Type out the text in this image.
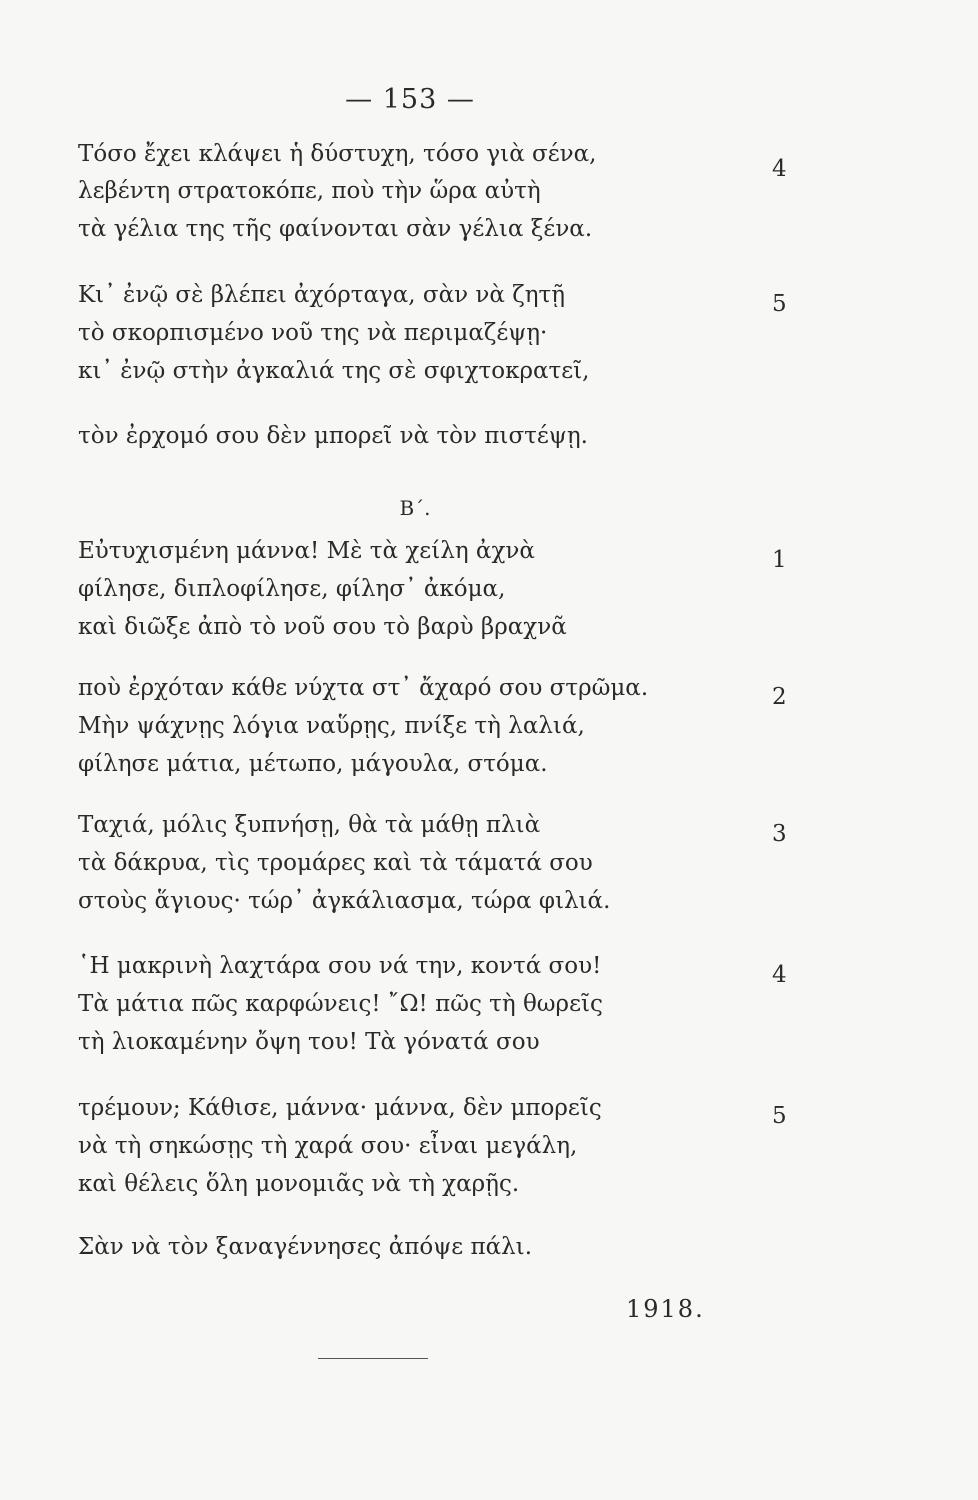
— 153 —
Τόσο ἔχει κλάψει ἡ δύστυχη, τόσο γιὰ σένα,
λεβέντη στρατοκόπε, ποὺ τὴν ὥρα αὐτὴ
τὰ γέλια της τῆς φαίνονται σὰν γέλια ξένα.
4
Κι᾿ ἐνῷ σὲ βλέπει ἀχόρταγα, σὰν νὰ ζητῇ
τὸ σκορπισμένο νοῦ της νὰ περιμαζέψῃ·
κι᾿ ἐνῷ στὴν ἀγκαλιά της σὲ σφιχτοκρατεῖ,
5
τὸν ἐρχομό σου δὲν μπορεῖ νὰ τὸν πιστέψῃ.
Β΄.
Εὐτυχισμένη μάννα! Μὲ τὰ χείλη ἀχνὰ
φίλησε, διπλοφίλησε, φίλησ᾿ ἀκόμα,
καὶ διῶξε ἀπὸ τὸ νοῦ σου τὸ βαρὺ βραχνᾶ
1
ποὺ ἐρχόταν κάθε νύχτα στ᾿ ἄχαρό σου στρῶμα.
Μὴν ψάχνῃς λόγια ναὕρῃς, πνίξε τὴ λαλιά,
φίλησε μάτια, μέτωπο, μάγουλα, στόμα.
2
Ταχιά, μόλις ξυπνήσῃ, θὰ τὰ μάθῃ πλιὰ
τὰ δάκρυα, τὶς τρομάρες καὶ τὰ τάματά σου
στοὺς ἅγιους· τώρ᾿ ἀγκάλιασμα, τώρα φιλιά.
3
῾Η μακρινὴ λαχτάρα σου νά την, κοντά σου!
Τὰ μάτια πῶς καρφώνεις! ῎Ω! πῶς τὴ θωρεῖς
τὴ λιοκαμένην ὄψη του! Τὰ γόνατά σου
4
τρέμουν; Κάθισε, μάννα· μάννα, δὲν μπορεῖς
νὰ τὴ σηκώσῃς τὴ χαρά σου· εἶναι μεγάλη,
καὶ θέλεις ὅλη μονομιᾶς νὰ τὴ χαρῇς.
5
Σὰν νὰ τὸν ξαναγέννησες ἀπόψε πάλι.
1918.
